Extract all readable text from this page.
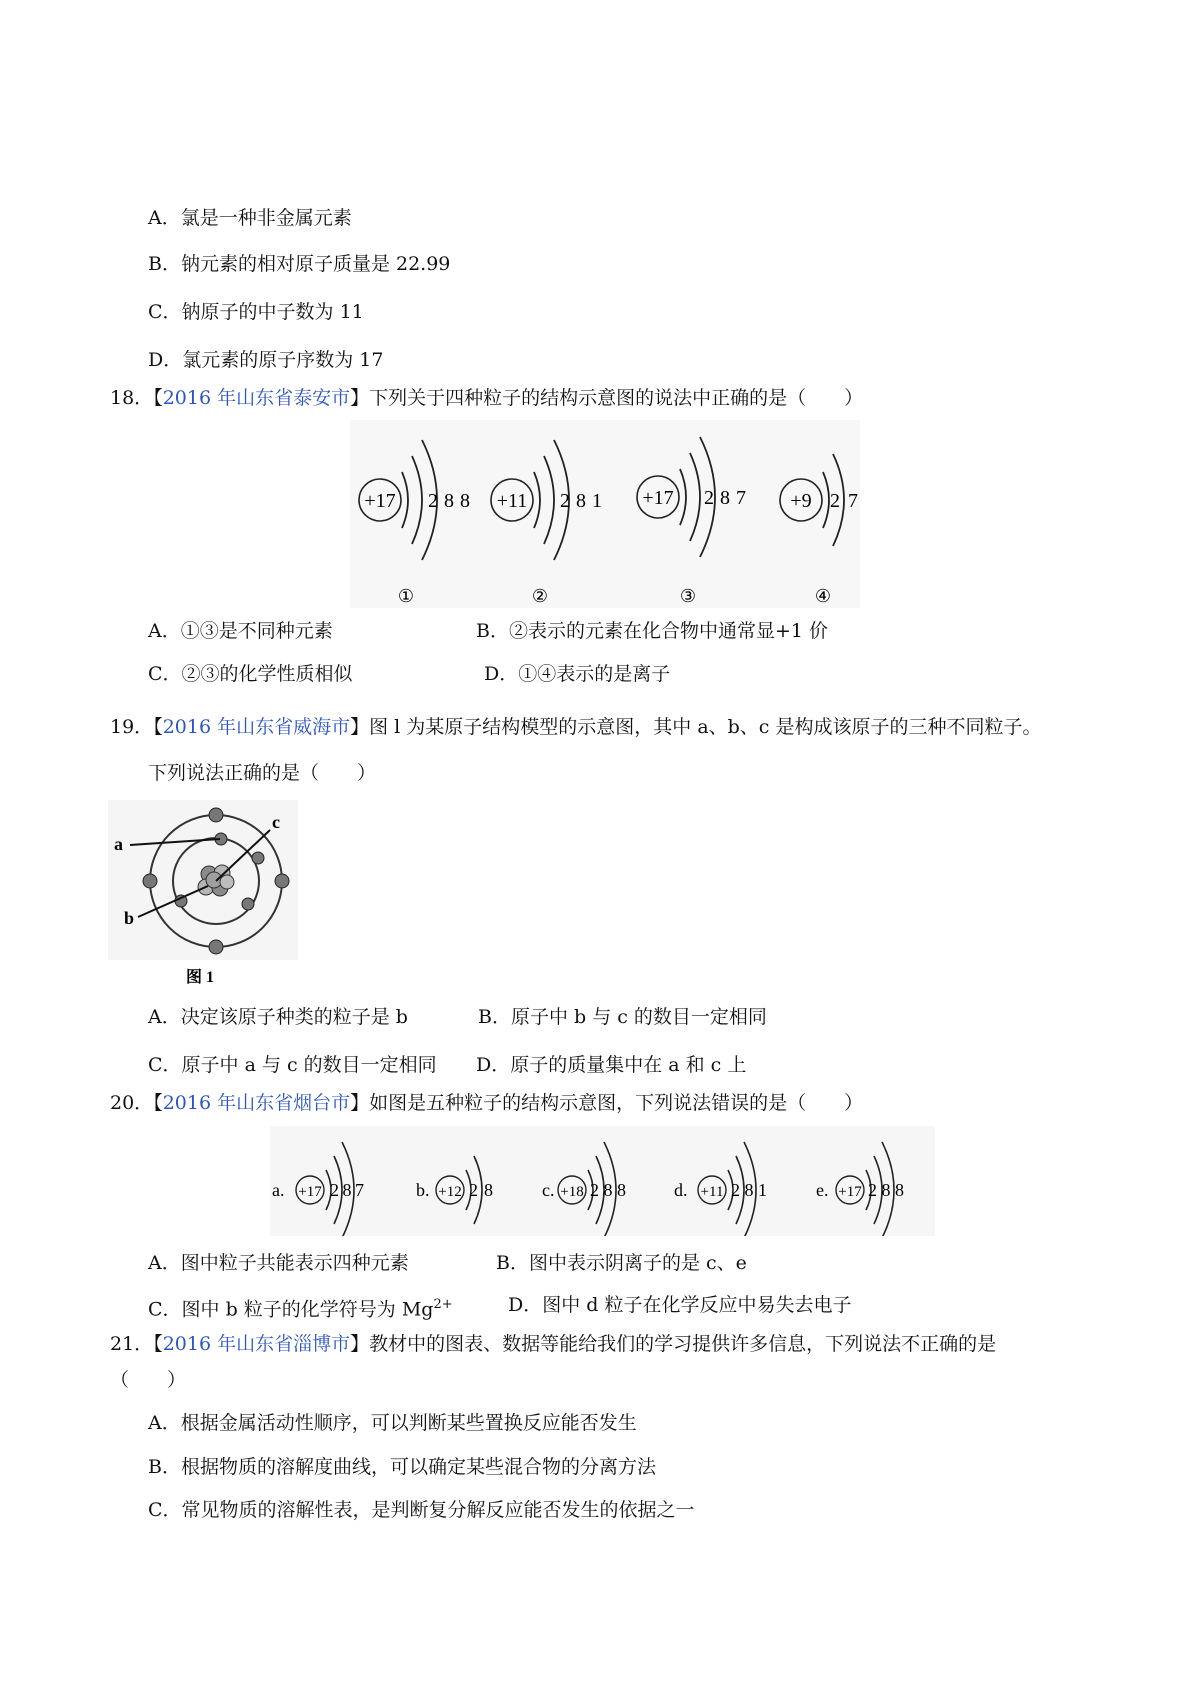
A．氯是一种非金属元素
B．钠元素的相对原子质量是 22.99
C．钠原子的中子数为 11
D．氯元素的原子序数为 17
18．【2016 年山东省泰安市】下列关于四种粒子的结构示意图的说法中正确的是（　　）
+17 2 8 8
①
+11 2 8 1
②
+17 2 8 7
③
+9 2 7
④
A．①③是不同种元素	B．②表示的元素在化合物中通常显+1 价
C．②③的化学性质相似	D．①④表示的是离子
19．【2016 年山东省威海市】图 l 为某原子结构模型的示意图，其中 a、b、c 是构成该原子的三种不同粒子。
下列说法正确的是（　　）
a
c
b
图 1
A．决定该原子种类的粒子是 b	B．原子中 b 与 c 的数目一定相同
C．原子中 a 与 c 的数目一定相同 D．原子的质量集中在 a 和 c 上
20．【2016 年山东省烟台市】如图是五种粒子的结构示意图，下列说法错误的是（　　）
a. +17 2 8 7	b. +12 2 8	c. +18 2 8 8	d. +11 2 8 1	e. +17 2 8 8
A．图中粒子共能表示四种元素	B．图中表示阴离子的是 c、e
C．图中 b 粒子的化学符号为 $Mg^{2+}$	D．图中 d 粒子在化学反应中易失去电子
21．【2016 年山东省淄博市】教材中的图表、数据等能给我们的学习提供许多信息，下列说法不正确的是
（　　）
A．根据金属活动性顺序，可以判断某些置换反应能否发生
B．根据物质的溶解度曲线，可以确定某些混合物的分离方法
C．常见物质的溶解性表，是判断复分解反应能否发生的依据之一
